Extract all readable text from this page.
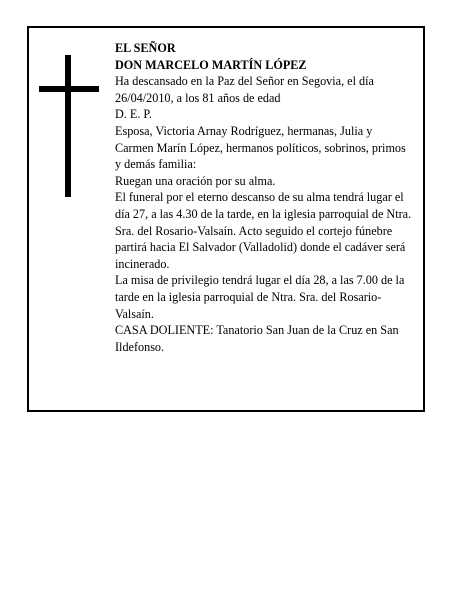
EL SEÑOR

DON MARCELO MARTÍN LÓPEZ

Ha descansado en la Paz del Señor en Segovia, el día 26/04/2010, a los 81 años de edad

D. E. P.

Esposa, Victoria Arnay Rodríguez, hermanas, Julia y Carmen Marín López, hermanos políticos, sobrinos, primos y demás familia:

Ruegan una oración por su alma.

El funeral por el eterno descanso de su alma tendrá lugar el día 27, a las 4.30 de la tarde, en la iglesia parroquial de Ntra. Sra. del Rosario-Valsaín. Acto seguido el cortejo fúnebre partirá hacia El Salvador (Valladolid) donde el cadáver será incinerado.

La misa de privilegio tendrá lugar el día 28, a las 7.00 de la tarde en la iglesia parroquial de Ntra. Sra. del Rosario-Valsaín.

CASA DOLIENTE: Tanatorio San Juan de la Cruz en San Ildefonso.
